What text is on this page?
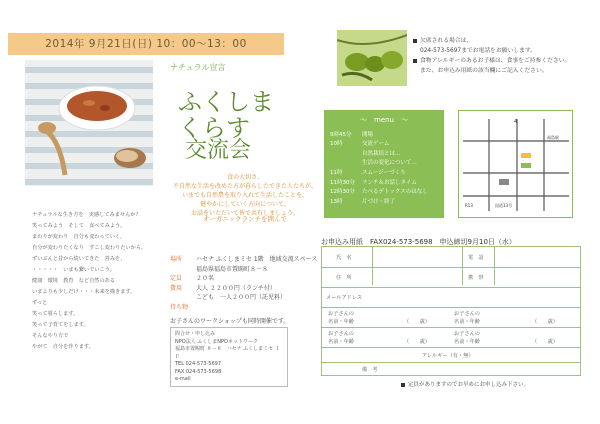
2014年 9月21日(日) 10：00～13：00
ナチュラル宣言
ふくしま
くらす
交流会
食の大切さ、
不自然な生活を改めた方が暮らしたできた人たちが、
いまでも自然農を取り入れて生活したことを、
健やかにしていく方向について、
お話をいただいて皆で共有しましょう。
オーガニックランチを囲んで
場所	ハセナ ふくしまミセ 1階　地域交流スペース
福島県福島市置賜町８－８
定員	２０名
費用	大人 ２２００円（ランチ付）
こども　一人２００円（託児料）
持ち物
お子さんのワークショップも同時開催です。
問合せ・申し込み
NPO法人 ふくしまNPOネットワーク
福島市置賜町 ８－８　ハセナ ふくしまミセ １Ｆ
TEL 024-573-5697
FAX 024-573-5698
e-mail
ナチュラルな生き方を　実感してみませんか？
笑ってみよう　そして　食べてみよう。
まわりが変わり　自分も変わっていく。
自分が変わりたくなり　すこし変わりたいから。
ずいぶんと昔から続いてきた　営みを、
・・・・・　いまも繋いでいこう。
健康　環境　教育　など自然のある
いまよりも少しだけ・・・未来を描きます。
ずっと
笑って暮らします。
笑って子育てをします。
そんなやり方で
やがて　自分を作ります。
欠席される場合は、
024-573-5697までお電話をお願いします。
食物アレルギーのあるお子様は、食事をご持参ください。
また、お申込み用紙の該当欄にご記入ください。
～　menu　～
9時45分	開場
10時	交流ゲーム
自然栽培とは…
生活の変化について…
11時	スムージーづくり
11時30分	ランチ＆お話しタイム
12時30分	たべるデトックスのはなし
13時	片づけ・終了
4
福島駅
R13	国道13号
お申込み用紙　FAX024-573-5698　申込締切9月10日（水）
氏　名	電　話
住　所	携　帯
メールアドレス
お子さんの
名前・年齢	（　　歳）
お子さんの
名前・年齢	（　　歳）
お子さんの
名前・年齢	（　　歳）
お子さんの
名前・年齢	（　　歳）
アレルギー（有・無）
備　考
定員がありますのでお早めにお申し込み下さい。
